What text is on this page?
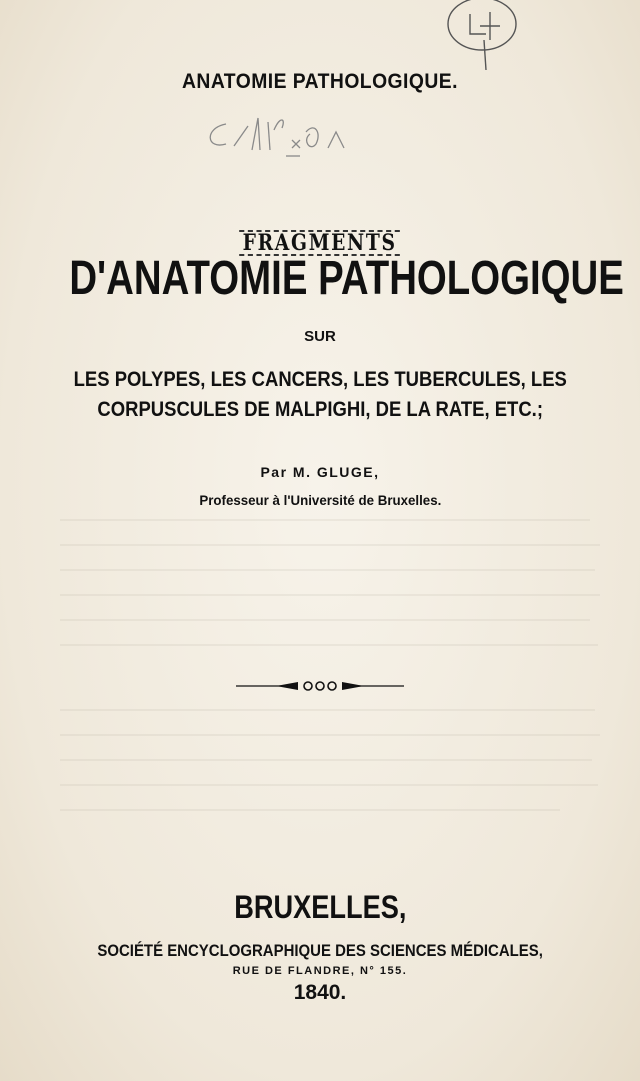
ANATOMIE PATHOLOGIQUE.
FRAGMENTS
D'ANATOMIE PATHOLOGIQUE
SUR
LES POLYPES, LES CANCERS, LES TUBERCULES, LES
CORPUSCULES DE MALPIGHI, DE LA RATE, ETC.;
Par M. GLUGE,
Professeur à l'Université de Bruxelles.
BRUXELLES,
SOCIÉTÉ ENCYCLOGRAPHIQUE DES SCIENCES MÉDICALES,
RUE DE FLANDRE, N° 155.
1840.
